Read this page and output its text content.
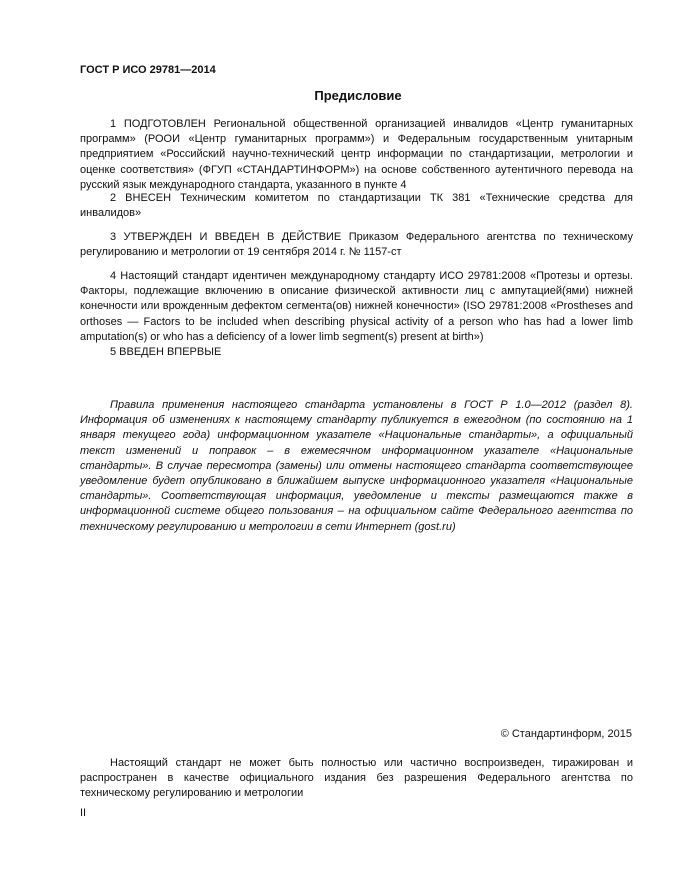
ГОСТ Р ИСО 29781—2014
Предисловие

1 ПОДГОТОВЛЕН Региональной общественной организацией инвалидов «Центр гуманитарных программ» (РООИ «Центр гуманитарных программ») и Федеральным государственным унитарным предприятием «Российский научно-технический центр информации по стандартизации, метрологии и оценке соответствия» (ФГУП «СТАНДАРТИНФОРМ») на основе собственного аутентичного перевода на русский язык международного стандарта, указанного в пункте 4

2 ВНЕСЕН Техническим комитетом по стандартизации ТК 381 «Технические средства для инвалидов»

3 УТВЕРЖДЕН И ВВЕДЕН В ДЕЙСТВИЕ Приказом Федерального агентства по техническому регулированию и метрологии от 19 сентября 2014 г. № 1157-ст

4 Настоящий стандарт идентичен международному стандарту ИСО 29781:2008 «Протезы и ортезы. Факторы, подлежащие включению в описание физической активности лиц с ампутацией(ями) нижней конечности или врожденным дефектом сегмента(ов) нижней конечности» (ISO 29781:2008 «Prostheses and orthoses — Factors to be included when describing physical activity of a person who has had a lower limb amputation(s) or who has a deficiency of a lower limb segment(s) present at birth»)

5 ВВЕДЕН ВПЕРВЫЕ

Правила применения настоящего стандарта установлены в ГОСТ Р 1.0—2012 (раздел 8). Информация об изменениях к настоящему стандарту публикуется в ежегодном (по состоянию на 1 января текущего года) информационном указателе «Национальные стандарты», а официальный текст изменений и поправок – в ежемесячном информационном указателе «Национальные стандарты». В случае пересмотра (замены) или отмены настоящего стандарта соответствующее уведомление будет опубликовано в ближайшем выпуске информационного указателя «Национальные стандарты». Соответствующая информация, уведомление и тексты размещаются также в информационной системе общего пользования – на официальном сайте Федерального агентства по техническому регулированию и метрологии в сети Интернет (gost.ru)

© Стандартинформ, 2015

Настоящий стандарт не может быть полностью или частично воспроизведен, тиражирован и распространен в качестве официального издания без разрешения Федерального агентства по техническому регулированию и метрологии

II
